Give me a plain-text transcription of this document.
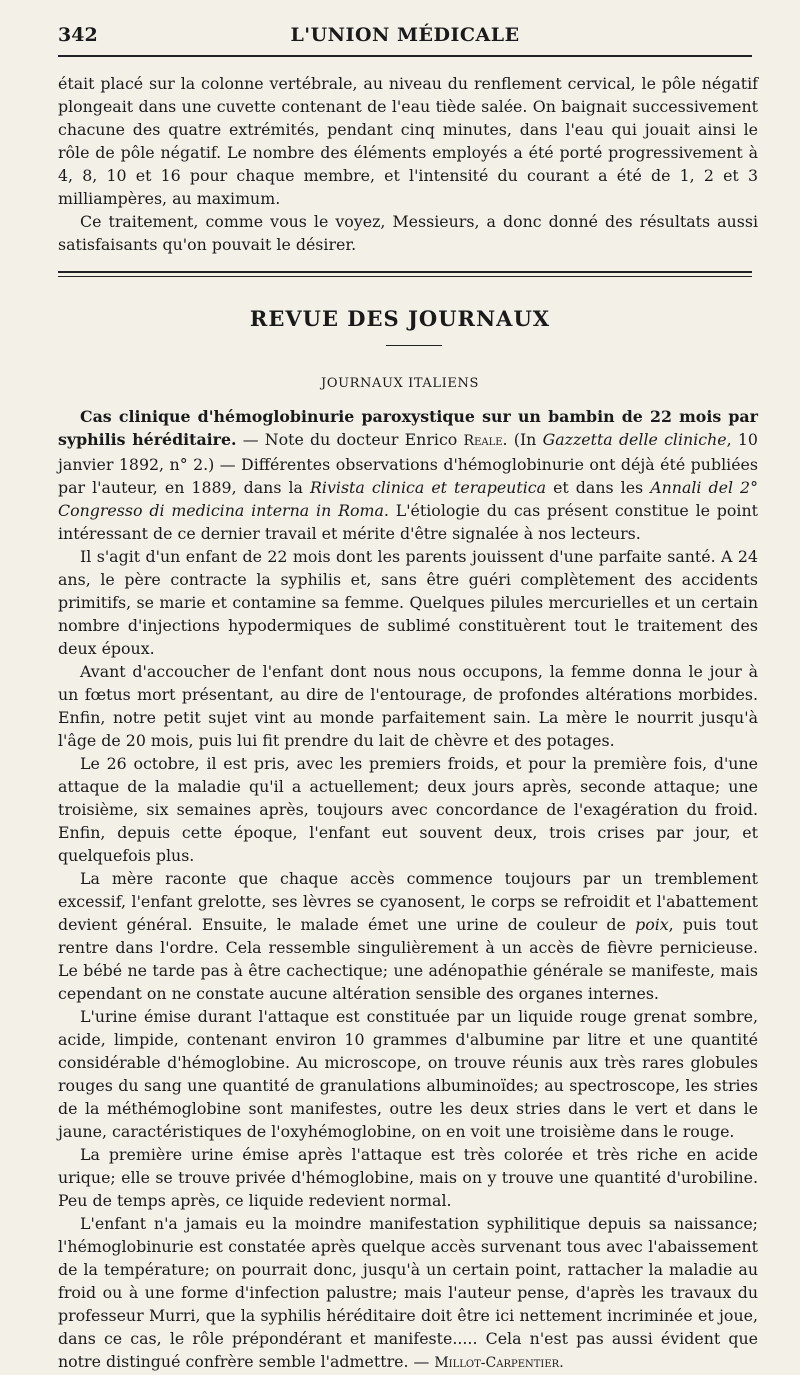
342	L'UNION MÉDICALE

était placé sur la colonne vertébrale, au niveau du renflement cervical, le pôle négatif plongeait dans une cuvette contenant de l'eau tiède salée. On baignait successivement chacune des quatre extrémités, pendant cinq minutes, dans l'eau qui jouait ainsi le rôle de pôle négatif. Le nombre des éléments employés a été porté progressivement à 4, 8, 10 et 16 pour chaque membre, et l'intensité du courant a été de 1, 2 et 3 milliampères, au maximum.

Ce traitement, comme vous le voyez, Messieurs, a donc donné des résultats aussi satisfaisants qu'on pouvait le désirer.

REVUE DES JOURNAUX
JOURNAUX ITALIENS

Cas clinique d'hémoglobinurie paroxystique sur un bambin de 22 mois par syphilis héréditaire. — Note du docteur Enrico Reale. (In Gazzetta delle cliniche, 10 janvier 1892, n° 2.) — Différentes observations d'hémoglobinurie ont déjà été publiées par l'auteur, en 1889, dans la Rivista clinica et terapeutica et dans les Annali del 2° Congresso di medicina interna in Roma. L'étiologie du cas présent constitue le point intéressant de ce dernier travail et mérite d'être signalée à nos lecteurs.

Il s'agit d'un enfant de 22 mois dont les parents jouissent d'une parfaite santé. A 24 ans, le père contracte la syphilis et, sans être guéri complètement des accidents primitifs, se marie et contamine sa femme. Quelques pilules mercurielles et un certain nombre d'injections hypodermiques de sublimé constituèrent tout le traitement des deux époux.

Avant d'accoucher de l'enfant dont nous nous occupons, la femme donna le jour à un fœtus mort présentant, au dire de l'entourage, de profondes altérations morbides. Enfin, notre petit sujet vint au monde parfaitement sain. La mère le nourrit jusqu'à l'âge de 20 mois, puis lui fit prendre du lait de chèvre et des potages.

Le 26 octobre, il est pris, avec les premiers froids, et pour la première fois, d'une attaque de la maladie qu'il a actuellement; deux jours après, seconde attaque; une troisième, six semaines après, toujours avec concordance de l'exagération du froid. Enfin, depuis cette époque, l'enfant eut souvent deux, trois crises par jour, et quelquefois plus.

La mère raconte que chaque accès commence toujours par un tremblement excessif, l'enfant grelotte, ses lèvres se cyanosent, le corps se refroidit et l'abattement devient général. Ensuite, le malade émet une urine de couleur de poix, puis tout rentre dans l'ordre. Cela ressemble singulièrement à un accès de fièvre pernicieuse. Le bébé ne tarde pas à être cachectique; une adénopathie générale se manifeste, mais cependant on ne constate aucune altération sensible des organes internes.

L'urine émise durant l'attaque est constituée par un liquide rouge grenat sombre, acide, limpide, contenant environ 10 grammes d'albumine par litre et une quantité considérable d'hémoglobine. Au microscope, on trouve réunis aux très rares globules rouges du sang une quantité de granulations albuminoïdes; au spectroscope, les stries de la méthémoglobine sont manifestes, outre les deux stries dans le vert et dans le jaune, caractéristiques de l'oxyhémoglobine, on en voit une troisième dans le rouge.

La première urine émise après l'attaque est très colorée et très riche en acide urique; elle se trouve privée d'hémoglobine, mais on y trouve une quantité d'urobiline. Peu de temps après, ce liquide redevient normal.

L'enfant n'a jamais eu la moindre manifestation syphilitique depuis sa naissance; l'hémoglobinurie est constatée après quelque accès survenant tous avec l'abaissement de la température; on pourrait donc, jusqu'à un certain point, rattacher la maladie au froid ou à une forme d'infection palustre; mais l'auteur pense, d'après les travaux du professeur Murri, que la syphilis héréditaire doit être ici nettement incriminée et joue, dans ce cas, le rôle prépondérant et manifeste..... Cela n'est pas aussi évident que notre distingué confrère semble l'admettre. — Millot-Carpentier.
